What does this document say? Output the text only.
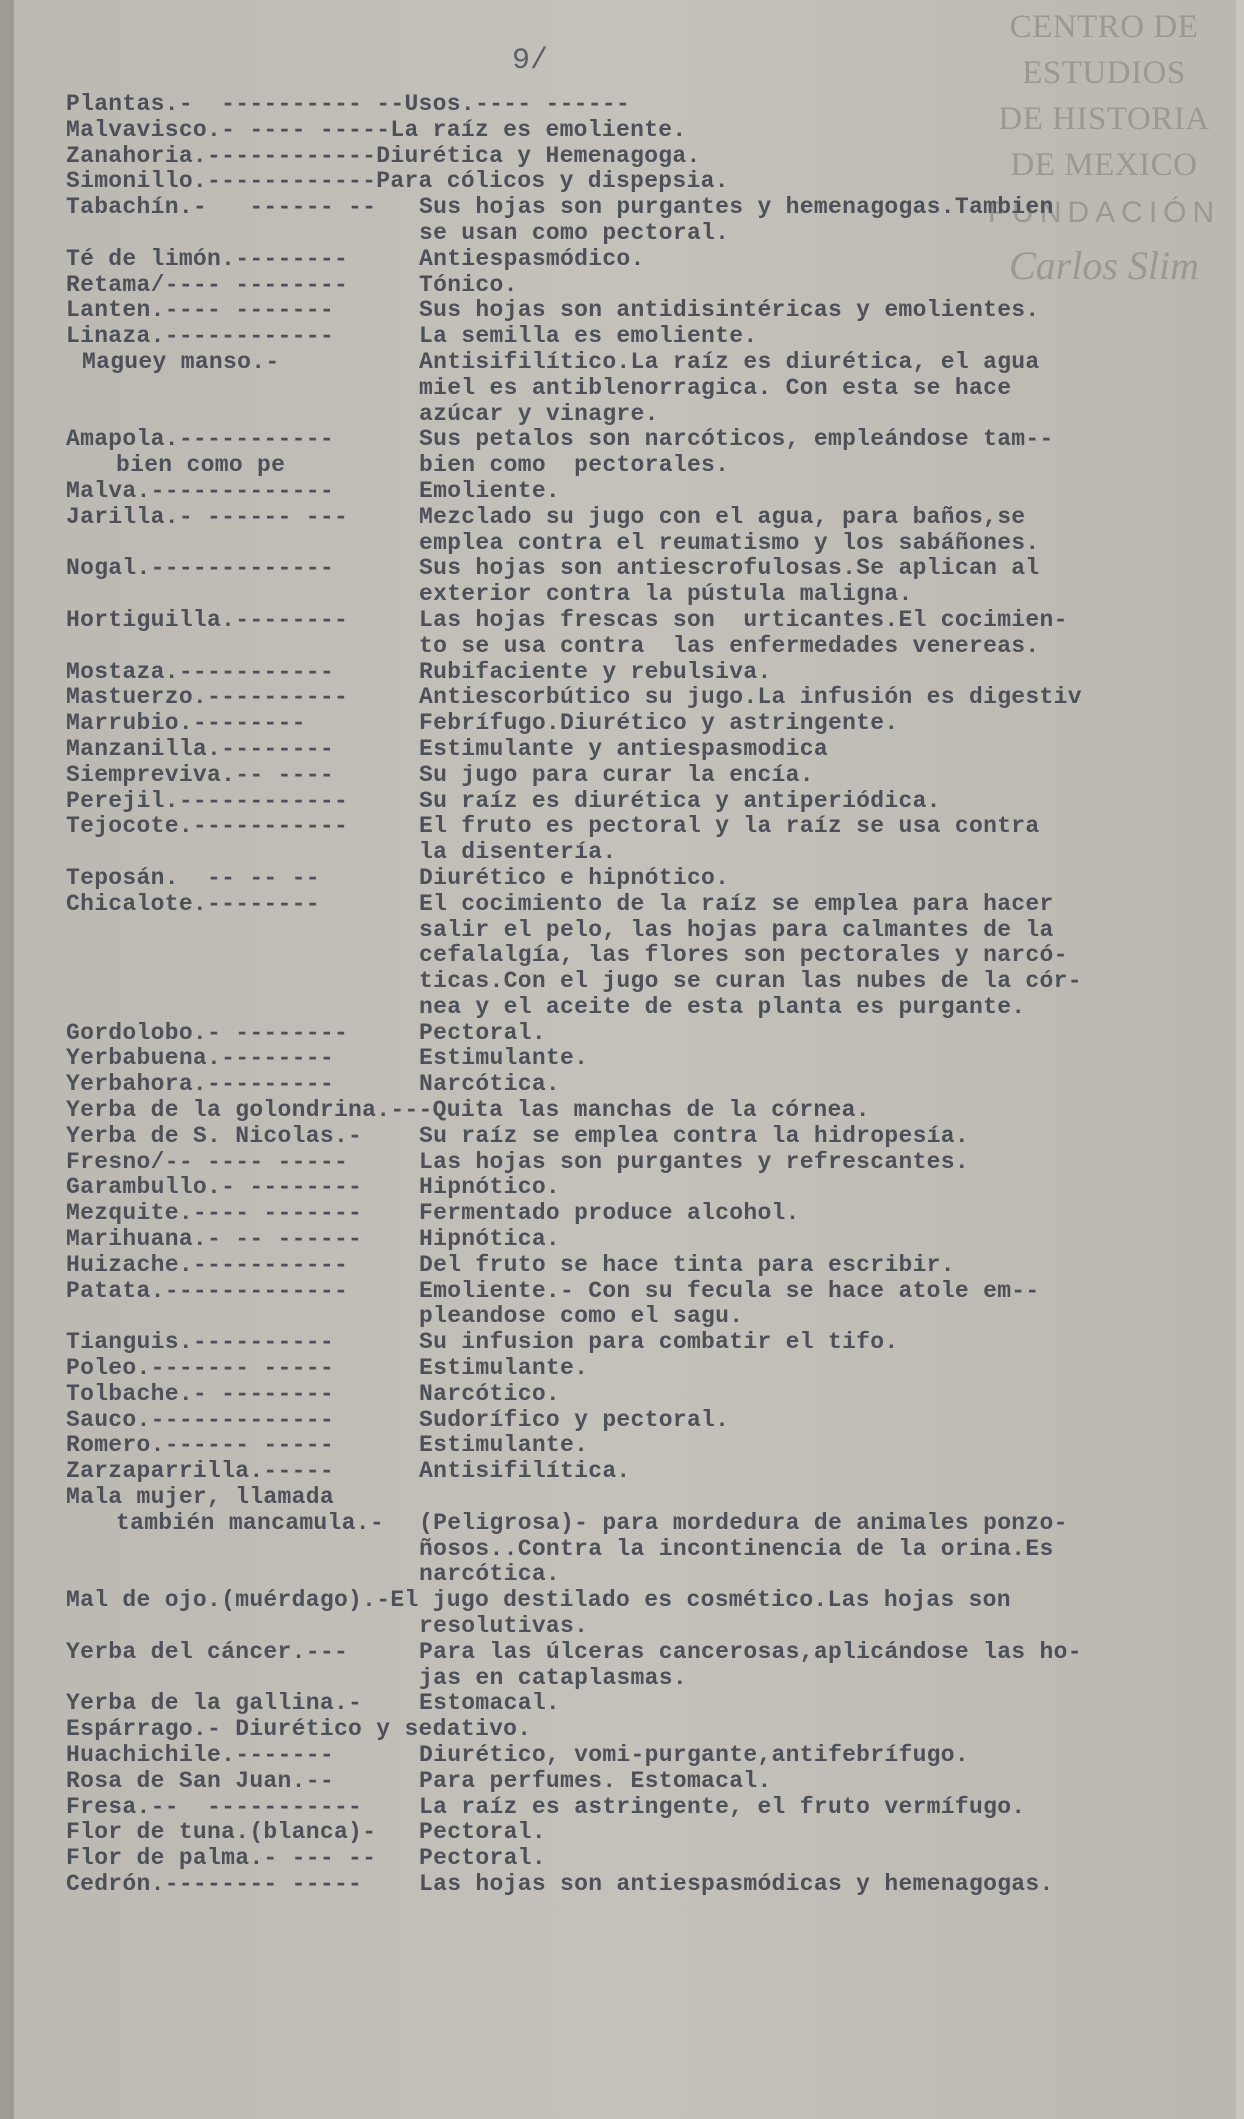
CENTRO DE
ESTUDIOS
DE HISTORIA
DE MEXICO
FUNDACIÓN
Carlos Slim
9/
Plantas.-  ---------- --Usos.---- ------
Malvavisco.- ---- -----La raíz es emoliente.
Zanahoria.------------Diurética y Hemenagoga.
Simonillo.------------Para cólicos y dispepsia.
Tabachín.-   ------ -- Sus hojas son purgantes y hemenagogas.Tambien
se usan como pectoral.
Té de limón.--------	Antiespasmódico.
Retama/---- --------	Tónico.
Lanten.---- -------	Sus hojas son antidisintéricas y emolientes.
Linaza.------------	La semilla es emoliente.
Maguey manso.-	Antisifilítico.La raíz es diurética, el agua
miel es antiblenorragica. Con esta se hace
azúcar y vinagre.
Amapola.-----------	Sus petalos son narcóticos, empleándose tam--
bien como pe	bien como  pectorales.
Malva.-------------	Emoliente.
Jarilla.- ------ ---	Mezclado su jugo con el agua, para baños,se
emplea contra el reumatismo y los sabáñones.
Nogal.-------------	Sus hojas son antiescrofulosas.Se aplican al
exterior contra la pústula maligna.
Hortiguilla.--------	Las hojas frescas son  urticantes.El cocimien-
to se usa contra  las enfermedades venereas.
Mostaza.-----------	Rubifaciente y rebulsiva.
Mastuerzo.----------	Antiescorbútico su jugo.La infusión es digestiv
Marrubio.--------	Febrífugo.Diurético y astringente.
Manzanilla.--------	Estimulante y antiespasmodica
Siempreviva.-- ----	Su jugo para curar la encía.
Perejil.------------	Su raíz es diurética y antiperiódica.
Tejocote.-----------	El fruto es pectoral y la raíz se usa contra
la disentería.
Teposán.  -- -- --	Diurético e hipnótico.
Chicalote.--------	El cocimiento de la raíz se emplea para hacer
salir el pelo, las hojas para calmantes de la
cefalalgía, las flores son pectorales y narcó-
ticas.Con el jugo se curan las nubes de la cór-
nea y el aceite de esta planta es purgante.
Gordolobo.- --------	Pectoral.
Yerbabuena.--------	Estimulante.
Yerbahora.---------	Narcótica.
Yerba de la golondrina.---Quita las manchas de la córnea.
Yerba de S. Nicolas.- Su raíz se emplea contra la hidropesía.
Fresno/-- ---- -----	Las hojas son purgantes y refrescantes.
Garambullo.- -------- Hipnótico.
Mezquite.---- ------- Fermentado produce alcohol.
Marihuana.- -- ------ Hipnótica.
Huizache.-----------	Del fruto se hace tinta para escribir.
Patata.-------------	Emoliente.- Con su fecula se hace atole em--
pleandose como el sagu.
Tianguis.----------	Su infusion para combatir el tifo.
Poleo.------- -----	Estimulante.
Tolbache.- --------	Narcótico.
Sauco.-------------	Sudorífico y pectoral.
Romero.------ -----	Estimulante.
Zarzaparrilla.-----	Antisifilítica.
Mala mujer, llamada
también mancamula.- (Peligrosa)- para mordedura de animales ponzo-
ñosos..Contra la incontinencia de la orina.Es
narcótica.
Mal de ojo.(muérdago).-El jugo destilado es cosmético.Las hojas son
resolutivas.
Yerba del cáncer.---	Para las úlceras cancerosas,aplicándose las ho-
jas en cataplasmas.
Yerba de la gallina.- Estomacal.
Espárrago.- Diurético y sedativo.
Huachichile.-------	Diurético, vomi-purgante,antifebrífugo.
Rosa de San Juan.--	Para perfumes. Estomacal.
Fresa.--  ----------- La raíz es astringente, el fruto vermífugo.
Flor de tuna.(blanca)- Pectoral.
Flor de palma.- --- -- Pectoral.
Cedrón.-------- ----- Las hojas son antiespasmódicas y hemenagogas.
